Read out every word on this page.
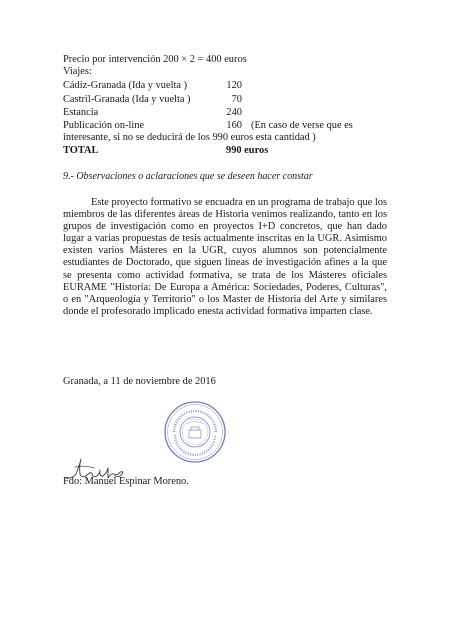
Precio por intervención 200 × 2 = 400 euros
Viajes:
Cádiz-Granada (Ida y vuelta )	120
Castril-Granada (Ida y vuelta )	70
Estancia	240
Publicación on-line	160 (En caso de verse que es
interesante, si no se deducirá de los 990 euros esta cantidad )
TOTAL	990 euros
9.- Observaciones o aclaraciones que se deseen hacer constar

Este proyecto formativo se encuadra en un programa de trabajo que los miembros de las diferentes áreas de Historia venimos realizando, tanto en los grupos de investigación como en proyectos I+D concretos, que han dado lugar a varias propuestas de tesis actualmente inscritas en la UGR. Asimismo existen varios Másteres en la UGR, cuyos alumnos son potencialmente estudiantes de Doctorado, que siguen líneas de investigación afines a la que se presenta como actividad formativa, se trata de los Másteres oficiales EURAME "Historia: De Europa a América: Sociedades, Poderes, Culturas", o en "Arqueología y Territorio" o los Master de Historia del Arte y similares donde el profesorado implicado enesta actividad formativa imparten clase.

Granada, a 11 de noviembre de 2016
Fdo: Manuel Espinar Moreno.
